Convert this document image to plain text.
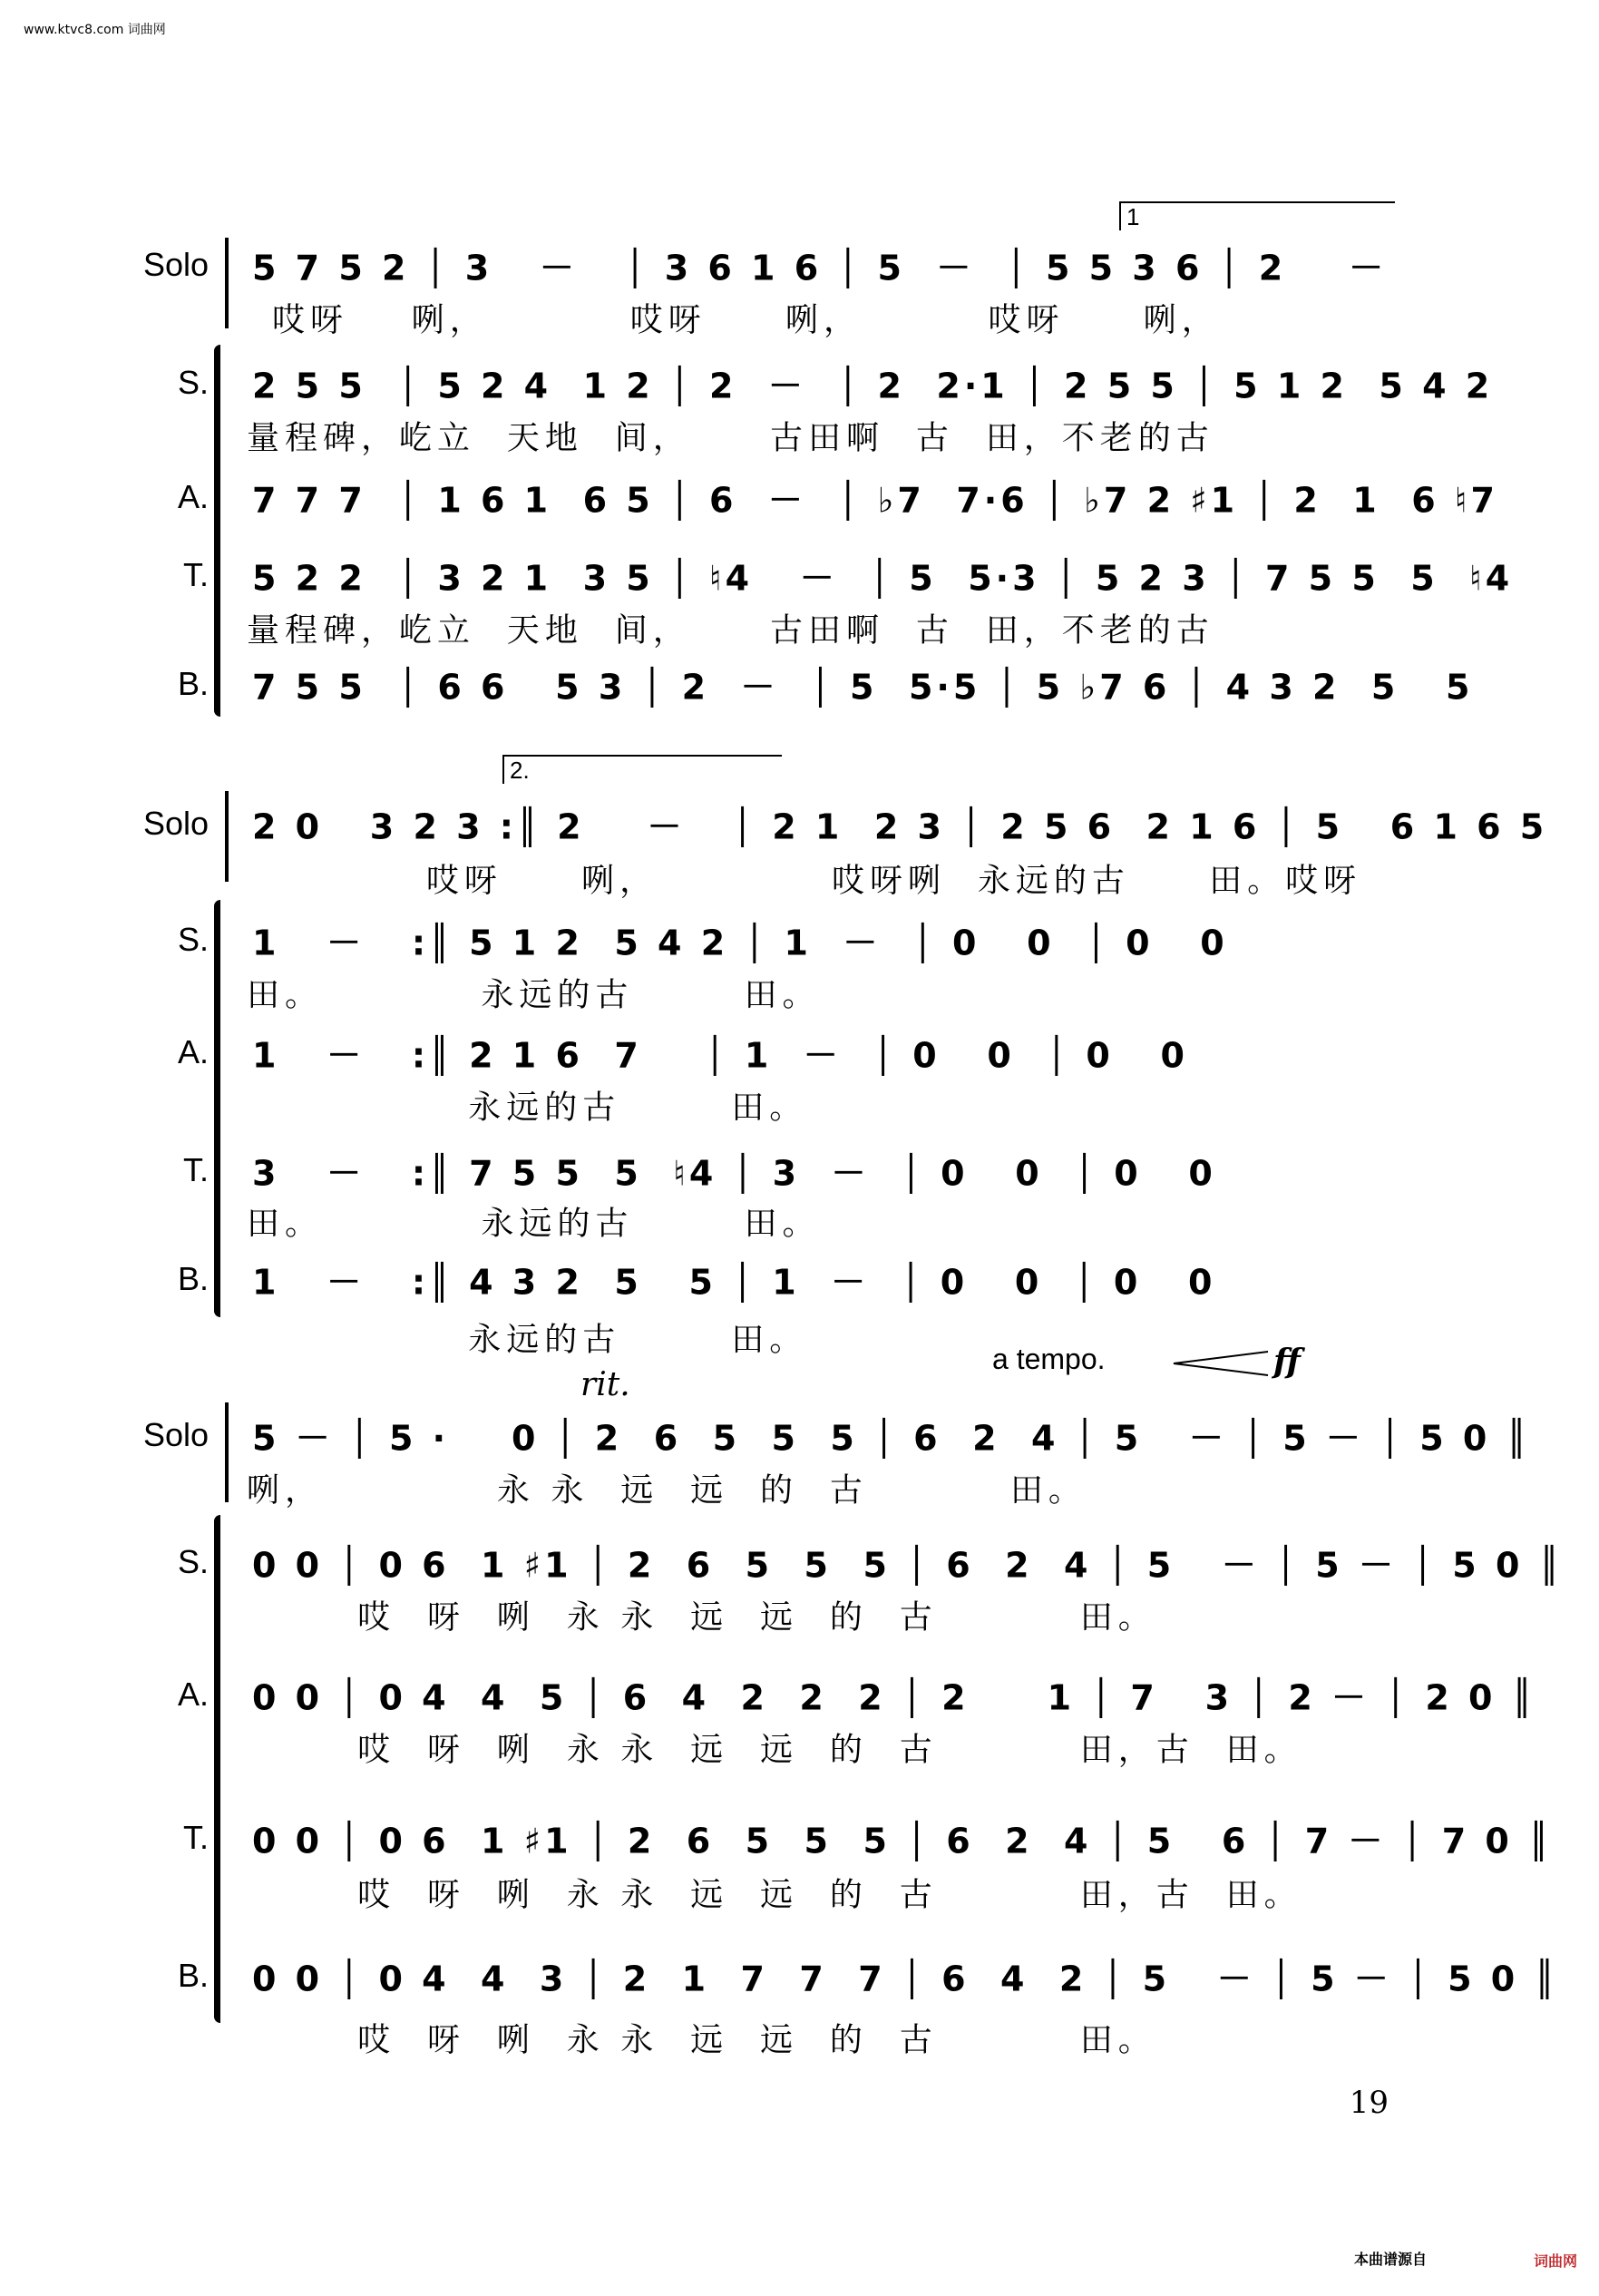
www.ktvc8.com 词曲网
19
本曲谱源自	词曲网
1
Solo 5 7 5 2 │ 3   －   │ 3 6 1 6 │ 5  －  │ 5 5 3 6 │ 2    －
哎呀    咧，         哎呀     咧，        哎呀     咧，
S. 2 5 5  │ 5 2 4  1 2 │ 2  －  │ 2  2·1 │ 2 5 5 │ 5 1 2  5 4 2
量程碑，屹立  天地  间，     古田啊  古  田，不老的古
A. 7 7 7  │ 1 6 1  6 5 │ 6  －  │ ♭7  7·6 │ ♭7 2 ♯1 │ 2  1  6 ♮7
T. 5 2 2  │ 3 2 1  3 5 │ ♮4   －  │ 5  5·3 │ 5 2 3 │ 7 5 5  5  ♮4
量程碑，屹立  天地  间，     古田啊  古  田，不老的古
B. 7 5 5  │ 6 6   5 3 │ 2  －  │ 5  5·5 │ 5 ♭7 6 │ 4 3 2  5   5
2.
Solo 2 0   3 2 3 :║ 2    －   │ 2 1  2 3 │ 2 5 6  2 1 6 │ 5   6 1 6 5
哎呀     咧，           哎呀咧  永远的古     田。哎呀
S. 1   －   :║ 5 1 2  5 4 2 │ 1  －  │ 0   0  │ 0   0
田。          永远的古       田。
A. 1   －   :║ 2 1 6  7    │ 1  －  │ 0   0  │ 0   0
永远的古       田。
T. 3   －   :║ 7 5 5  5  ♮4 │ 3  －  │ 0   0  │ 0   0
田。          永远的古       田。
B. 1   －   :║ 4 3 2  5   5 │ 1  －  │ 0   0  │ 0   0
永远的古       田。
rit.
a tempo.	ff
Solo 5 － │ 5 ·    0 │ 2  6  5  5  5 │ 6  2  4 │ 5   － │ 5 － │ 5 0 ║
咧，           永 永  远  远  的  古         田。
S. 0 0 │ 0 6  1 ♯1 │ 2  6  5  5  5 │ 6  2  4 │ 5   － │ 5 － │ 5 0 ║
哎  呀  咧  永 永  远  远  的  古         田。
A. 0 0 │ 0 4  4  5 │ 6  4  2  2  2 │ 2     1 │ 7   3 │ 2 － │ 2 0 ║
哎  呀  咧  永 永  远  远  的  古         田，古  田。
T. 0 0 │ 0 6  1 ♯1 │ 2  6  5  5  5 │ 6  2  4 │ 5   6 │ 7 － │ 7 0 ║
哎  呀  咧  永 永  远  远  的  古         田，古  田。
B. 0 0 │ 0 4  4  3 │ 2  1  7  7  7 │ 6  4  2 │ 5   － │ 5 － │ 5 0 ║
哎  呀  咧  永 永  远  远  的  古         田。
